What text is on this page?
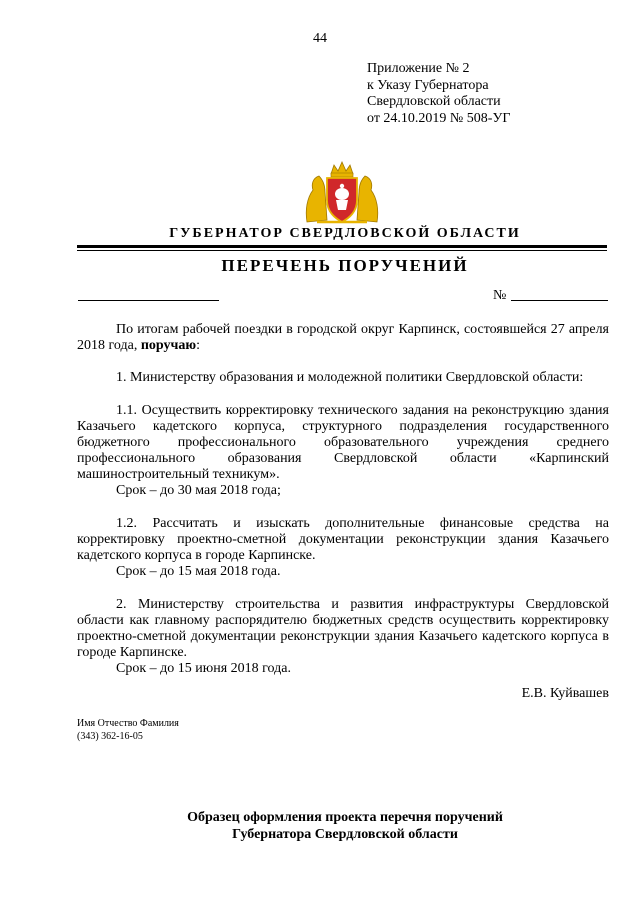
44
Приложение № 2
к Указу Губернатора
Свердловской области
от 24.10.2019 № 508-УГ
ГУБЕРНАТОР СВЕРДЛОВСКОЙ ОБЛАСТИ
ПЕРЕЧЕНЬ ПОРУЧЕНИЙ
№

По итогам рабочей поездки в городской округ Карпинск, состоявшейся 27 апреля 2018 года, поручаю:

1. Министерству образования и молодежной политики Свердловской области:

1.1. Осуществить корректировку технического задания на реконструкцию здания Казачьего кадетского корпуса, структурного подразделения государственного бюджетного профессионального образовательного учреждения среднего профессионального образования Свердловской области «Карпинский машиностроительный техникум».

Срок – до 30 мая 2018 года;

1.2. Рассчитать и изыскать дополнительные финансовые средства на корректировку проектно-сметной документации реконструкции здания Казачьего кадетского корпуса в городе Карпинске.

Срок – до 15 мая 2018 года.

2. Министерству строительства и развития инфраструктуры Свердловской области как главному распорядителю бюджетных средств осуществить корректировку проектно-сметной документации реконструкции здания Казачьего кадетского корпуса в городе Карпинске.

Срок – до 15 июня 2018 года.

Е.В. Куйвашев
Имя Отчество Фамилия
(343) 362-16-05
Образец оформления проекта перечня поручений
Губернатора Свердловской области
